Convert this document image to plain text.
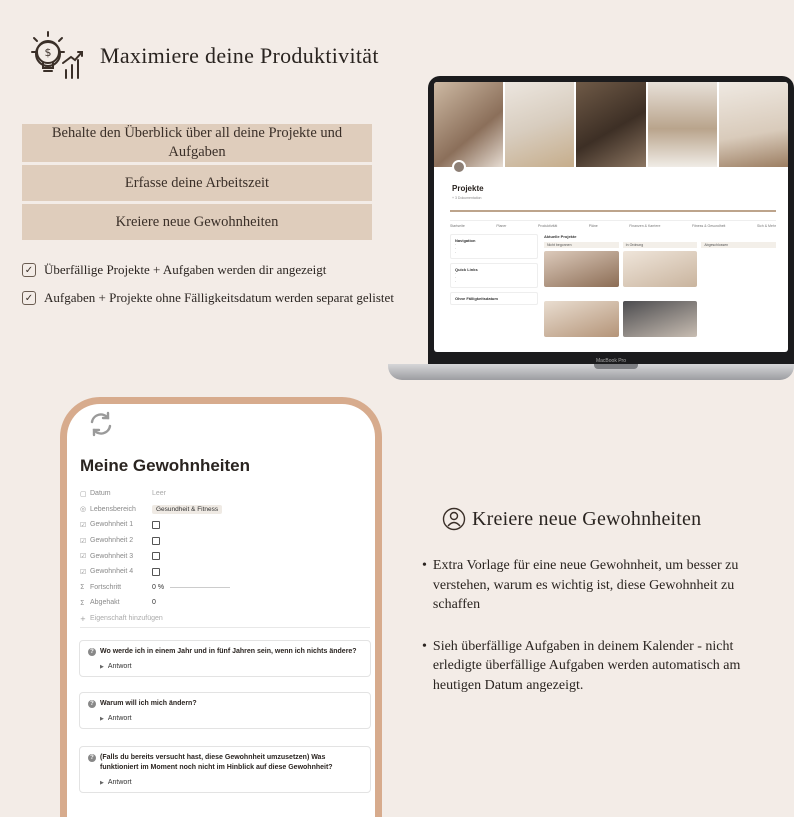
$ Maximiere deine Produktivität
Behalte den Überblick über all deine Projekte und Aufgaben
Erfasse deine Arbeitszeit
Kreiere neue Gewohnheiten
✓ Überfällige Projekte + Aufgaben werden dir angezeigt
✓ Aufgaben + Projekte ohne Fälligkeitsdatum werden separat gelistet
Projekte
+ 3 Dokumentation
Startseite	Planer	Produktivität	Pläne	Finanzen & Karriere	Fitness & Gesundheit	Sich & Mehr
Navigation
·
·
·
Quick Links
·
·
·
Ohne Fälligkeitsdatum
Aktuelle Projekte
Nicht begonnen	In Ordnung	Abgeschlossen
MacBook Pro
Meine Gewohnheiten
▢ Datum	Leer
◎ Lebensbereich	Gesundheit & Fitness
☑ Gewohnheit 1
☑ Gewohnheit 2
☑ Gewohnheit 3
☑ Gewohnheit 4
Σ Fortschritt	0 %
Σ Abgehakt	0
+ Eigenschaft hinzufügen
? Wo werde ich in einem Jahr und in fünf Jahren sein, wenn ich nichts ändere?
▶ Antwort
? Warum will ich mich ändern?
▶ Antwort
? (Falls du bereits versucht hast, diese Gewohnheit umzusetzen) Was funktioniert im Moment noch nicht im Hinblick auf diese Gewohnheit?
▶ Antwort
Kreiere neue Gewohnheiten
• Extra Vorlage für eine neue Gewohnheit, um besser zu verstehen, warum es wichtig ist, diese Gewohnheit zu schaffen
• Sieh überfällige Aufgaben in deinem Kalender - nicht erledigte überfällige Aufgaben werden automatisch am heutigen Datum angezeigt.
